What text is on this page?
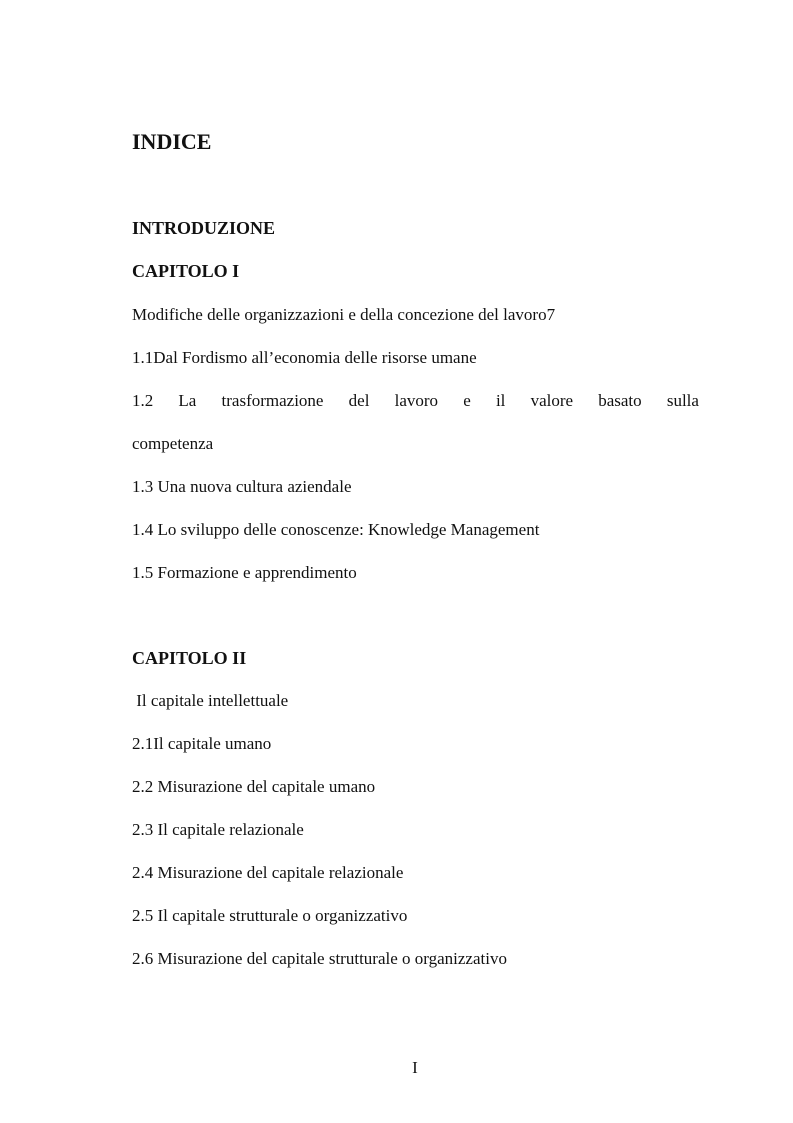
INDICE
INTRODUZIONE
CAPITOLO I
Modifiche delle organizzazioni e della concezione del lavoro7
1.1Dal Fordismo all’economia delle risorse umane
1.2 La trasformazione del lavoro e il valore basato sulla
competenza
1.3 Una nuova cultura aziendale
1.4 Lo sviluppo delle conoscenze: Knowledge Management
1.5 Formazione e apprendimento
CAPITOLO II
Il capitale intellettuale
2.1Il capitale umano
2.2 Misurazione del capitale umano
2.3 Il capitale relazionale
2.4 Misurazione del capitale relazionale
2.5 Il capitale strutturale o organizzativo
2.6 Misurazione del capitale strutturale o organizzativo
I
